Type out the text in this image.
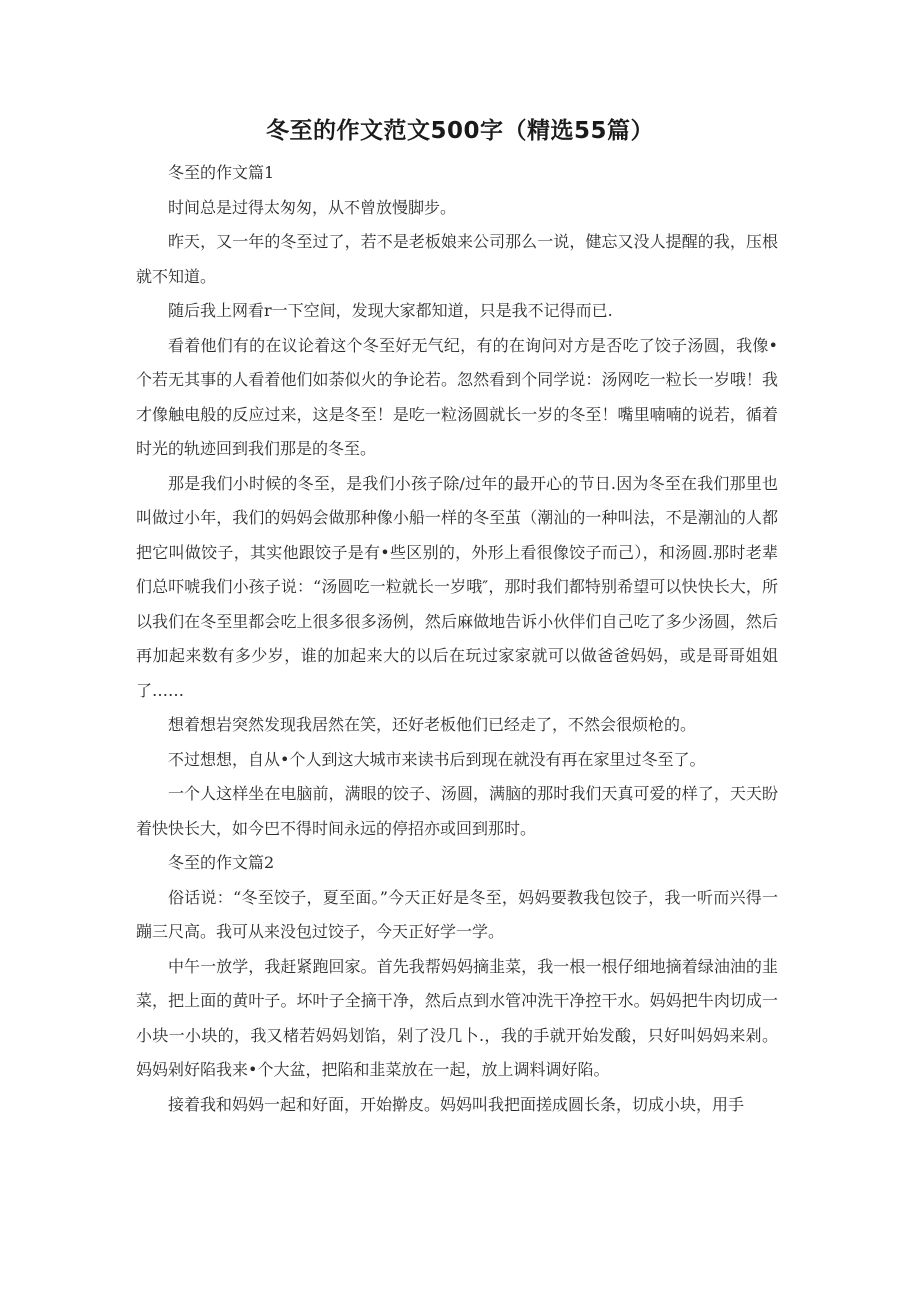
冬至的作文范文500字（精选55篇）

冬至的作文篇1

时间总是过得太匆匆，从不曾放慢脚步。

昨天，又一年的冬至过了，若不是老板娘来公司那么一说，健忘又没人提醒的我，压根就不知道。

随后我上网看r一下空间，发现大家都知道，只是我不记得而已.

看着他们有的在议论着这个冬至好无气纪，有的在询问对方是否吃了饺子汤圆，我像•个若无其事的人看着他们如荼似火的争论若。忽然看到个同学说：汤网吃一粒长一岁哦！我才像触电般的反应过来，这是冬至！是吃一粒汤圆就长一岁的冬至！嘴里喃喃的说若，循着时光的轨迹回到我们那是的冬至。

那是我们小时候的冬至，是我们小孩子除/过年的最开心的节日.因为冬至在我们那里也叫做过小年，我们的妈妈会做那种像小船一样的冬至茧（潮汕的一种叫法，不是潮汕的人都把它叫做饺子，其实他跟饺子是有•些区别的，外形上看很像饺子而己），和汤圆.那时老辈们总吓唬我们小孩子说：“汤圆吃一粒就长一岁哦″，那时我们都特别希望可以快快长大，所以我们在冬至里都会吃上很多很多汤例，然后麻做地告诉小伙伴们自己吃了多少汤圆，然后再加起来数有多少岁，谁的加起来大的以后在玩过家家就可以做爸爸妈妈，或是哥哥姐姐了……

想着想岩突然发现我居然在笑，还好老板他们已经走了，不然会很烦枪的。

不过想想，自从•个人到这大城市来读书后到现在就没有再在家里过冬至了。

一个人这样坐在电脑前，满眼的饺子、汤圆，满脑的那时我们天真可爱的样了，天天盼着快快长大，如今巴不得时间永远的停招亦或回到那时。

冬至的作文篇2

俗话说：“冬至饺子，夏至面。”今天正好是冬至，妈妈要教我包饺子，我一听而兴得一蹦三尺高。我可从来没包过饺子，今天正好学一学。

中午一放学，我赶紧跑回家。首先我帮妈妈摘韭菜，我一根一根仔细地摘着绿油油的韭菜，把上面的黄叶子。坏叶子全摘干净，然后点到水管冲洗干净控干水。妈妈把牛肉切成一小块一小块的，我又楮若妈妈划馅，剁了没几卜.，我的手就开始发酸，只好叫妈妈来剁。妈妈剁好陷我来•个大盆，把陷和韭菜放在一起，放上调料调好陷。

接着我和妈妈一起和好面，开始擀皮。妈妈叫我把面搓成圆长条，切成小块，用手
